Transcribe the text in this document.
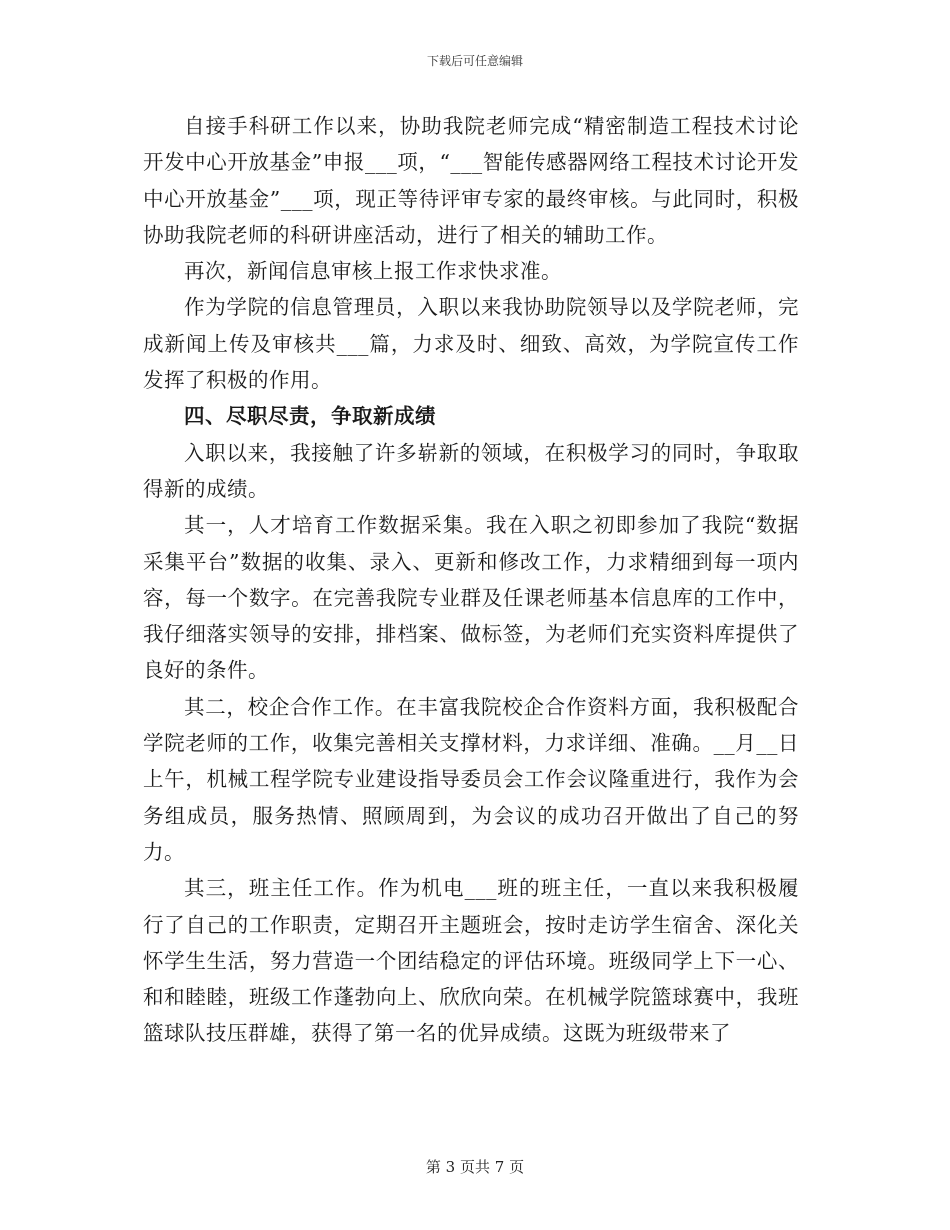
下载后可任意编辑

自接手科研工作以来，协助我院老师完成“精密制造工程技术讨论开发中心开放基金”申报___项，“___智能传感器网络工程技术讨论开发中心开放基金”___项，现正等待评审专家的最终审核。与此同时，积极协助我院老师的科研讲座活动，进行了相关的辅助工作。

再次，新闻信息审核上报工作求快求准。

作为学院的信息管理员，入职以来我协助院领导以及学院老师，完成新闻上传及审核共___篇，力求及时、细致、高效，为学院宣传工作发挥了积极的作用。

四、尽职尽责，争取新成绩

入职以来，我接触了许多崭新的领域，在积极学习的同时，争取取得新的成绩。

其一，人才培育工作数据采集。我在入职之初即参加了我院“数据采集平台”数据的收集、录入、更新和修改工作，力求精细到每一项内容，每一个数字。在完善我院专业群及任课老师基本信息库的工作中，我仔细落实领导的安排，排档案、做标签，为老师们充实资料库提供了良好的条件。

其二，校企合作工作。在丰富我院校企合作资料方面，我积极配合学院老师的工作，收集完善相关支撑材料，力求详细、准确。__月__日上午，机械工程学院专业建设指导委员会工作会议隆重进行，我作为会务组成员，服务热情、照顾周到，为会议的成功召开做出了自己的努力。

其三，班主任工作。作为机电___班的班主任，一直以来我积极履行了自己的工作职责，定期召开主题班会，按时走访学生宿舍、深化关怀学生生活，努力营造一个团结稳定的评估环境。班级同学上下一心、和和睦睦，班级工作蓬勃向上、欣欣向荣。在机械学院篮球赛中，我班篮球队技压群雄，获得了第一名的优异成绩。这既为班级带来了

第 3 页共 7 页
